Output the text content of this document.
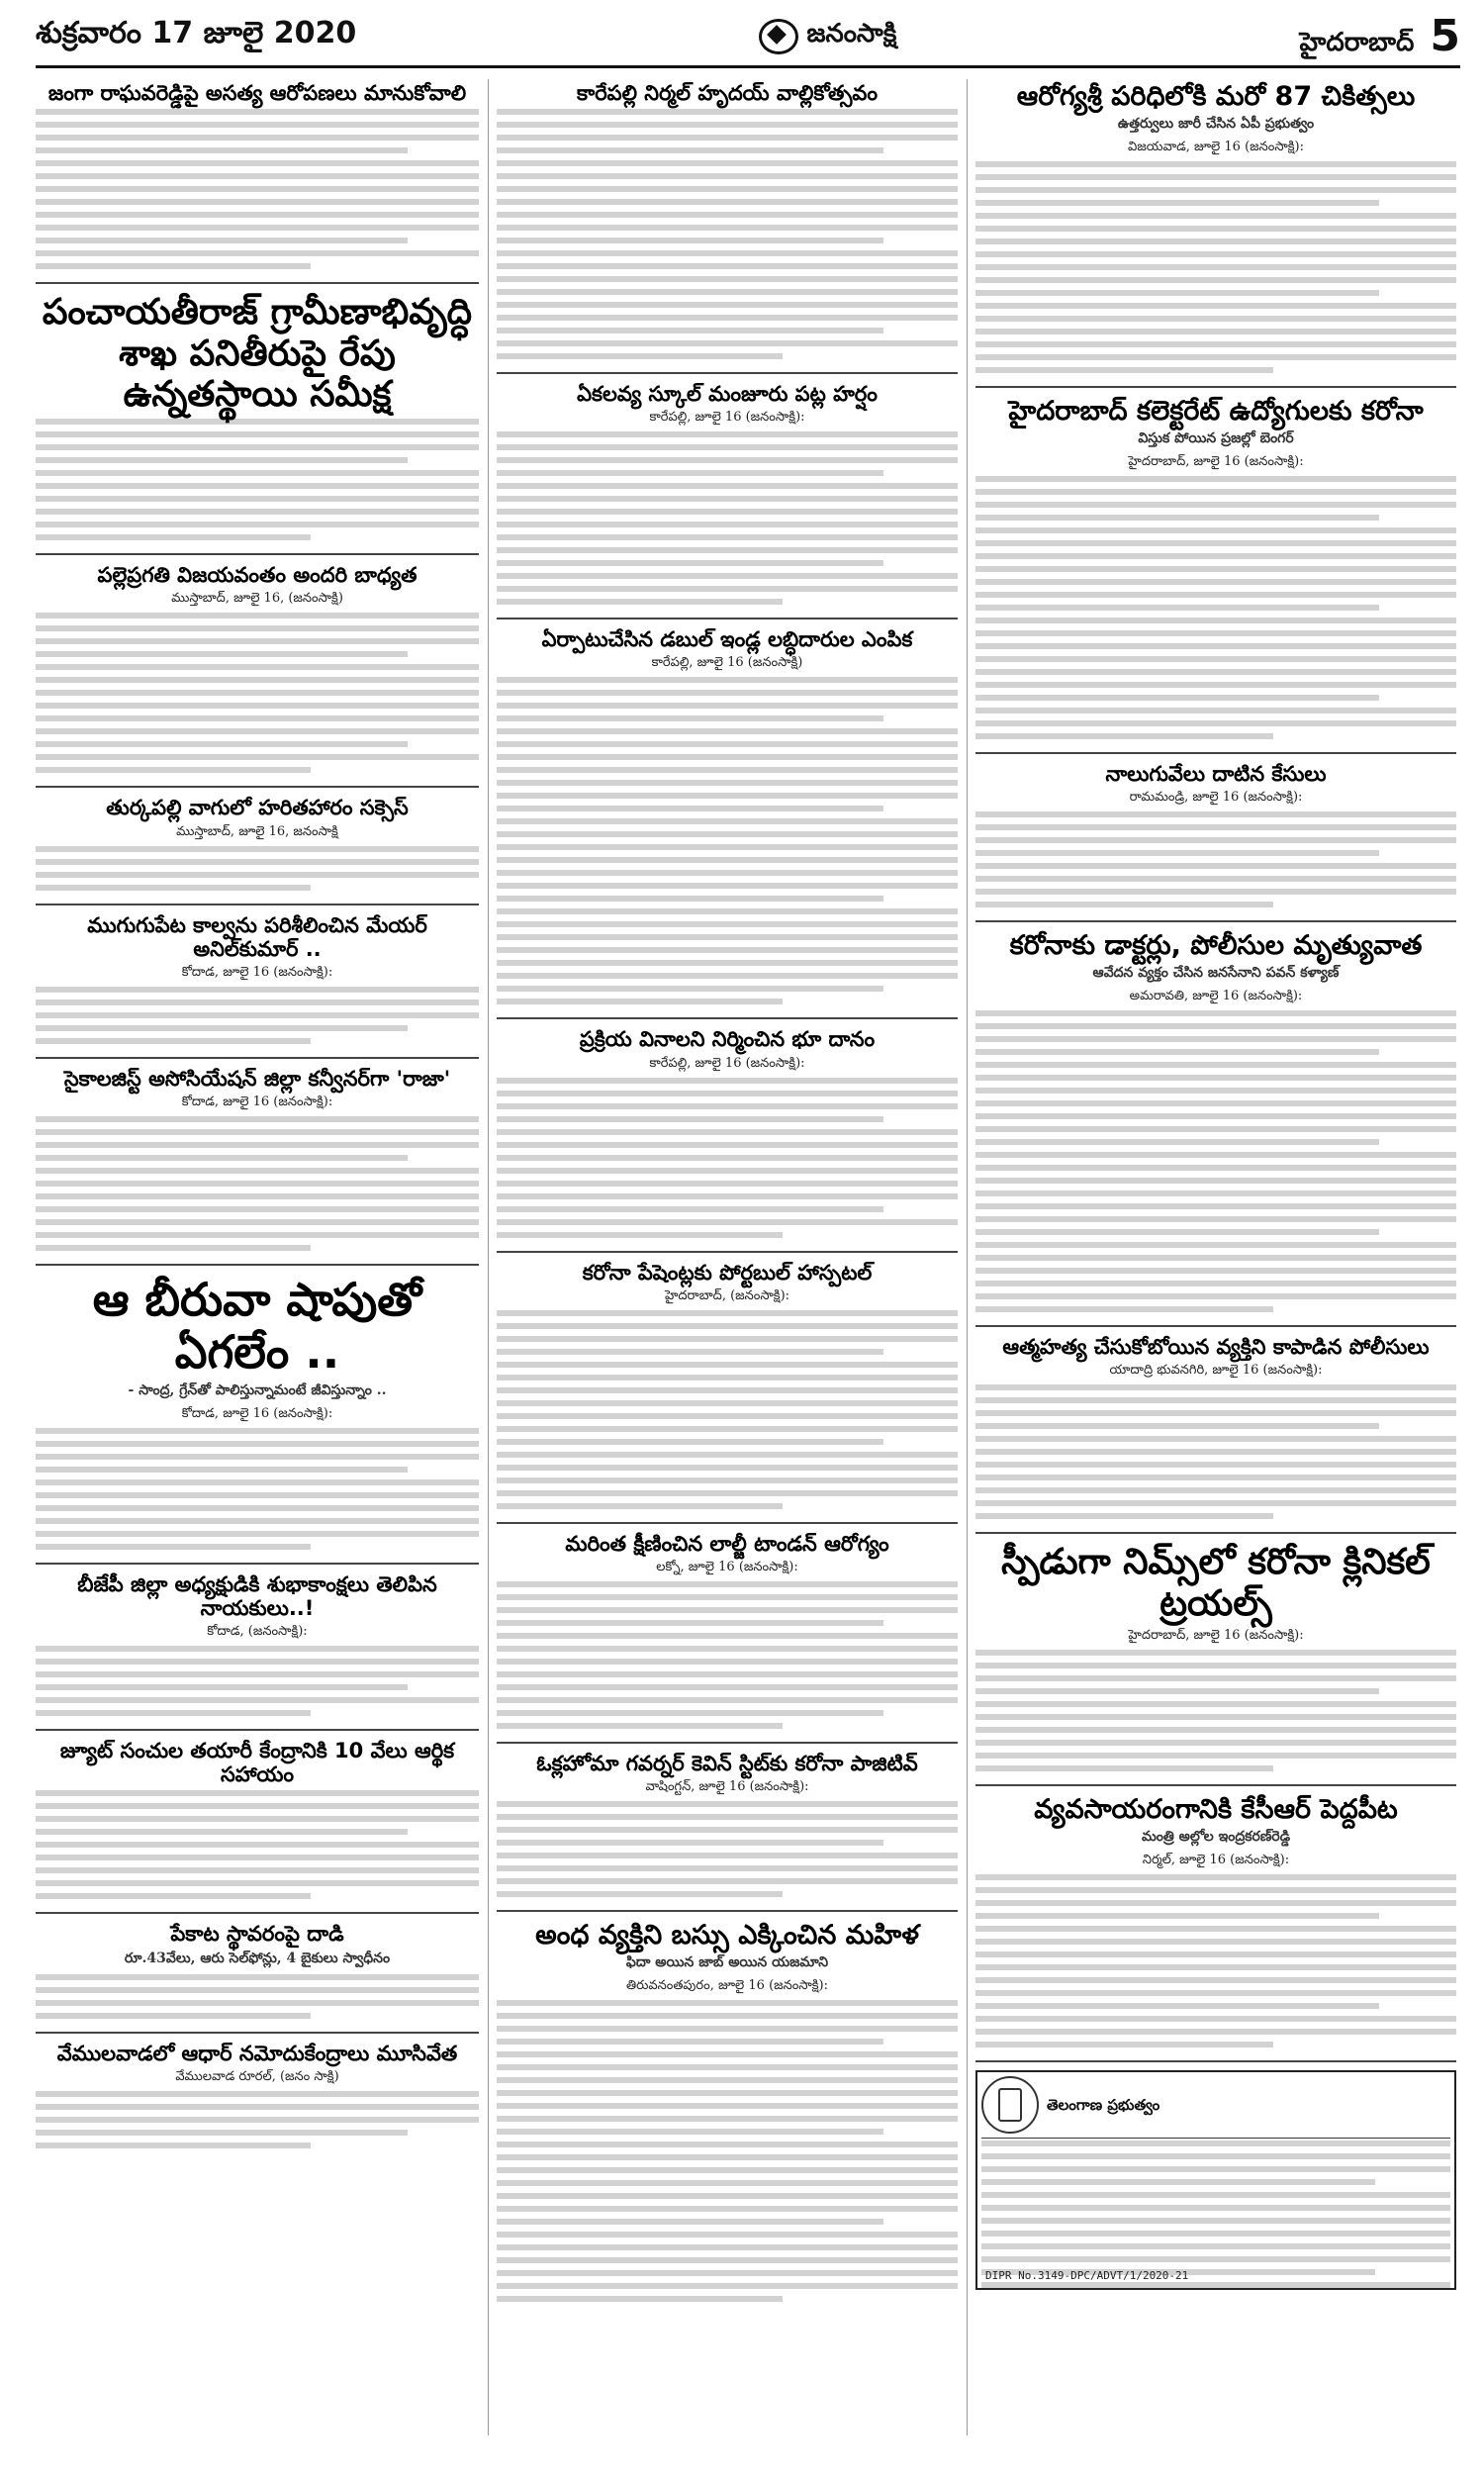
శుక్రవారం 17 జూలై 2020	జనంసాక్షి	హైదరాబాద్ 5
జంగా రాఘవరెడ్డిపై అసత్య ఆరోపణలు మానుకోవాలి
పంచాయతీరాజ్ గ్రామీణాభివృద్ధి శాఖ పనితీరుపై రేపు ఉన్నతస్థాయి సమీక్ష
పల్లెప్రగతి విజయవంతం అందరి బాధ్యత

ముస్తాబాద్, జూలై 16, (జనంసాక్షి)

తుర్కపల్లి వాగులో హరితహారం సక్సెస్

ముస్తాబాద్, జూలై 16, జనంసాక్షి

ముగుగుపేట కాల్వను పరిశీలించిన మేయర్ అనిల్‌కుమార్ ..

కోదాడ, జూలై 16 (జనంసాక్షి):

సైకాలజిస్ట్ అసోసియేషన్ జిల్లా కన్వీనర్‌గా 'రాజా'

కోదాడ, జూలై 16 (జనంసాక్షి):

ఆ బీరువా షాపుతో ఏగలేం ..

- సాంద్ర, గ్రేన్‌తో పాలిస్తున్నామంటే జీవిస్తున్నాం ..

కోదాడ, జూలై 16 (జనంసాక్షి):

బీజేపీ జిల్లా అధ్యక్షుడికి శుభాకాంక్షలు తెలిపిన నాయకులు..!

కోదాడ, (జనంసాక్షి):

జ్యూట్ సంచుల తయారీ కేంద్రానికి 10 వేలు ఆర్థిక సహాయం
పేకాట స్థావరంపై దాడి

రూ.43వేలు, ఆరు సెల్‌ఫోన్లు, 4 బైకులు స్వాధీనం

వేములవాడలో ఆధార్ నమోదుకేంద్రాలు మూసివేత

వేములవాడ రూరల్, (జనం సాక్షి)

కారేపల్లి నిర్మల్ హృదయ్ వాల్లికోత్సవం
ఏకలవ్య స్కూల్ మంజూరు పట్ల హర్షం

కారేపల్లి, జూలై 16 (జనంసాక్షి):

ఏర్పాటుచేసిన డబుల్ ఇండ్ల లబ్ధిదారుల ఎంపిక

కారేపల్లి, జూలై 16 (జనంసాక్షి)

ప్రక్రియ వినాలని నిర్మించిన భూ దానం

కారేపల్లి, జూలై 16 (జనంసాక్షి):

కరోనా పేషెంట్లకు పోర్టబుల్ హాస్పటల్

హైదరాబాద్, (జనంసాక్షి):

మరింత క్షీణించిన లాల్జీ టాండన్ ఆరోగ్యం

లక్నో, జూలై 16 (జనంసాక్షి):

ఓక్లహోమా గవర్నర్ కెవిన్ స్టిట్‌కు కరోనా పాజిటివ్

వాషింగ్టన్, జూలై 16 (జనంసాక్షి):

అంధ వ్యక్తిని బస్సు ఎక్కించిన మహిళ

ఫిదా అయిన జాబ్ అయిన యజమాని

తిరువనంతపురం, జూలై 16 (జనంసాక్షి):

ఆరోగ్యశ్రీ పరిధిలోకి మరో 87 చికిత్సలు

ఉత్తర్వులు జారీ చేసిన ఏపీ ప్రభుత్వం

విజయవాడ, జూలై 16 (జనంసాక్షి):

హైదరాబాద్ కలెక్టరేట్ ఉద్యోగులకు కరోనా

విస్తుక పోయిన ప్రజల్లో బెంగర్

హైదరాబాద్, జూలై 16 (జనంసాక్షి):

నాలుగువేలు దాటిన కేసులు

రామమండ్రి, జూలై 16 (జనంసాక్షి):

కరోనాకు డాక్టర్లు, పోలీసుల మృత్యువాత

ఆవేదన వ్యక్తం చేసిన జనసేనాని పవన్ కళ్యాణ్

అమరావతి, జూలై 16 (జనంసాక్షి):

ఆత్మహత్య చేసుకోబోయిన వ్యక్తిని కాపాడిన పోలీసులు

యాదాద్రి భువనగిరి, జూలై 16 (జనంసాక్షి):

స్పీడుగా నిమ్స్‌లో కరోనా క్లినికల్ ట్రయల్స్

హైదరాబాద్, జూలై 16 (జనంసాక్షి):

వ్యవసాయరంగానికి కేసీఆర్ పెద్దపీట

మంత్రి అల్లోల ఇంద్రకరణ్‌రెడ్డి

నిర్మల్, జూలై 16 (జనంసాక్షి):

తెలంగాణ ప్రభుత్వం
DIPR No.3149-DPC/ADVT/1/2020-21
